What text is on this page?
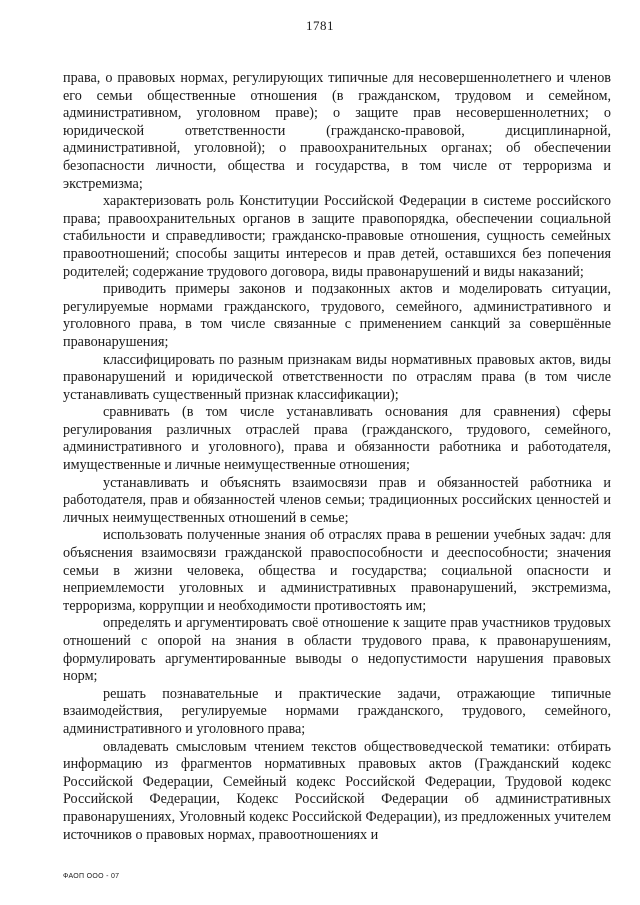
1781

права, о правовых нормах, регулирующих типичные для несовершеннолетнего и членов его семьи общественные отношения (в гражданском, трудовом и семейном, административном, уголовном праве); о защите прав несовершеннолетних; о юридической ответственности (гражданско-правовой, дисциплинарной, административной, уголовной); о правоохранительных органах; об обеспечении безопасности личности, общества и государства, в том числе от терроризма и экстремизма;

характеризовать роль Конституции Российской Федерации в системе российского права; правоохранительных органов в защите правопорядка, обеспечении социальной стабильности и справедливости; гражданско-правовые отношения, сущность семейных правоотношений; способы защиты интересов и прав детей, оставшихся без попечения родителей; содержание трудового договора, виды правонарушений и виды наказаний;

приводить примеры законов и подзаконных актов и моделировать ситуации, регулируемые нормами гражданского, трудового, семейного, административного и уголовного права, в том числе связанные с применением санкций за совершённые правонарушения;

классифицировать по разным признакам виды нормативных правовых актов, виды правонарушений и юридической ответственности по отраслям права (в том числе устанавливать существенный признак классификации);

сравнивать (в том числе устанавливать основания для сравнения) сферы регулирования различных отраслей права (гражданского, трудового, семейного, административного и уголовного), права и обязанности работника и работодателя, имущественные и личные неимущественные отношения;

устанавливать и объяснять взаимосвязи прав и обязанностей работника и работодателя, прав и обязанностей членов семьи; традиционных российских ценностей и личных неимущественных отношений в семье;

использовать полученные знания об отраслях права в решении учебных задач: для объяснения взаимосвязи гражданской правоспособности и дееспособности; значения семьи в жизни человека, общества и государства; социальной опасности и неприемлемости уголовных и административных правонарушений, экстремизма, терроризма, коррупции и необходимости противостоять им;

определять и аргументировать своё отношение к защите прав участников трудовых отношений с опорой на знания в области трудового права, к правонарушениям, формулировать аргументированные выводы о недопустимости нарушения правовых норм;

решать познавательные и практические задачи, отражающие типичные взаимодействия, регулируемые нормами гражданского, трудового, семейного, административного и уголовного права;

овладевать смысловым чтением текстов обществоведческой тематики: отбирать информацию из фрагментов нормативных правовых актов (Гражданский кодекс Российской Федерации, Семейный кодекс Российской Федерации, Трудовой кодекс Российской Федерации, Кодекс Российской Федерации об административных правонарушениях, Уголовный кодекс Российской Федерации), из предложенных учителем источников о правовых нормах, правоотношениях и

ФАОП ООО - 07
